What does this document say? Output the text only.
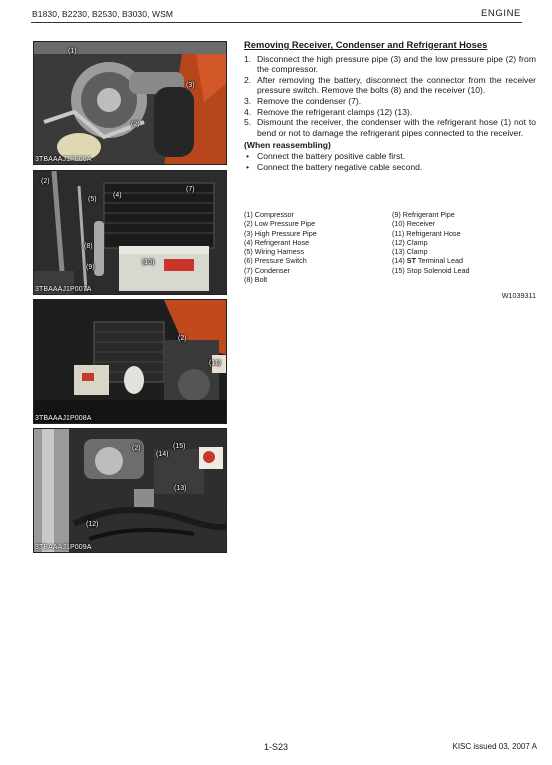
B1830, B2230, B2530, B3030, WSM	ENGINE
(1)
(3)
(2)
3TBAAAJ1P006A
(2)
(5)
(4)
(7)
(8)
(9)
(10)
3TBAAAJ1P007A
(2)
(11)
3TBAAAJ1P008A
(2)
(14)
(15)
(13)
(12)
3TBAAAJ1P009A
Removing Receiver, Condenser and Refrigerant Hoses
1. Disconnect the high pressure pipe (3) and the low pressure pipe (2) from the compressor.
2. After removing the battery, disconnect the connector from the receiver pressure switch. Remove the bolts (8) and the receiver (10).
3. Remove the condenser (7).
4. Remove the refrigerant clamps (12) (13).
5. Dismount the receiver, the condenser with the refrigerant hose (1) not to bend or not to damage the refrigerant pipes connected to the receiver.
(When reassembling)
• Connect the battery positive cable first.
• Connect the battery negative cable second.
(1) Compressor
(2) Low Pressure Pipe
(3) High Pressure Pipe
(4) Refrigerant Hose
(5) Wiring Harness
(6) Pressure Switch
(7) Condenser
(8) Bolt
(9) Refrigerant Pipe
(10) Receiver
(11) Refrigerant Hose
(12) Clamp
(13) Clamp
(14) ST Terminal Lead
(15) Stop Solenoid Lead
W1039311
1-S23	KISC issued 03, 2007 A
